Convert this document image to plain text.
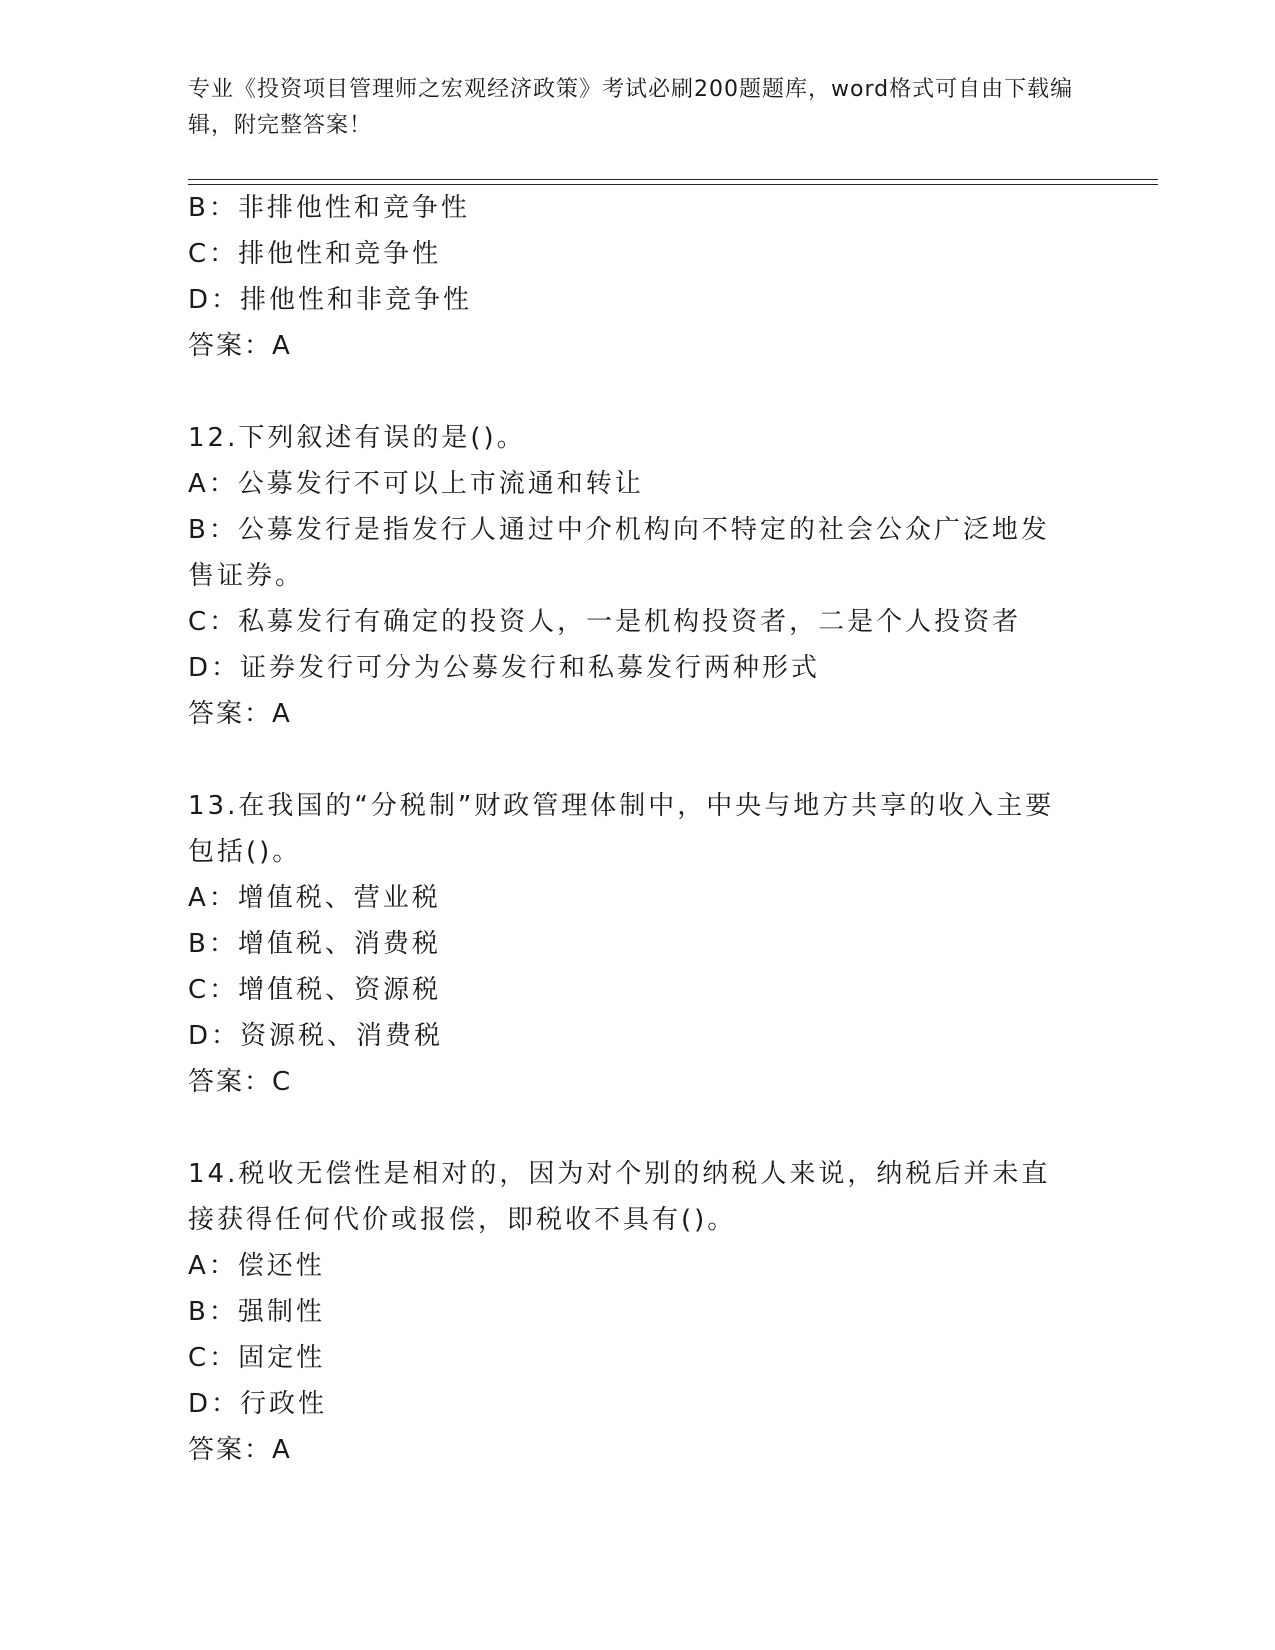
专业《投资项目管理师之宏观经济政策》考试必刷200题题库，word格式可自由下载编辑，附完整答案！
B：非排他性和竞争性
C：排他性和竞争性
D：排他性和非竞争性
答案：A
12.下列叙述有误的是()。
A：公募发行不可以上市流通和转让
B：公募发行是指发行人通过中介机构向不特定的社会公众广泛地发售证券。
C：私募发行有确定的投资人，一是机构投资者，二是个人投资者
D：证券发行可分为公募发行和私募发行两种形式
答案：A
13.在我国的“分税制”财政管理体制中，中央与地方共享的收入主要包括()。
A：增值税、营业税
B：增值税、消费税
C：增值税、资源税
D：资源税、消费税
答案：C
14.税收无偿性是相对的，因为对个别的纳税人来说，纳税后并未直接获得任何代价或报偿，即税收不具有()。
A：偿还性
B：强制性
C：固定性
D：行政性
答案：A
